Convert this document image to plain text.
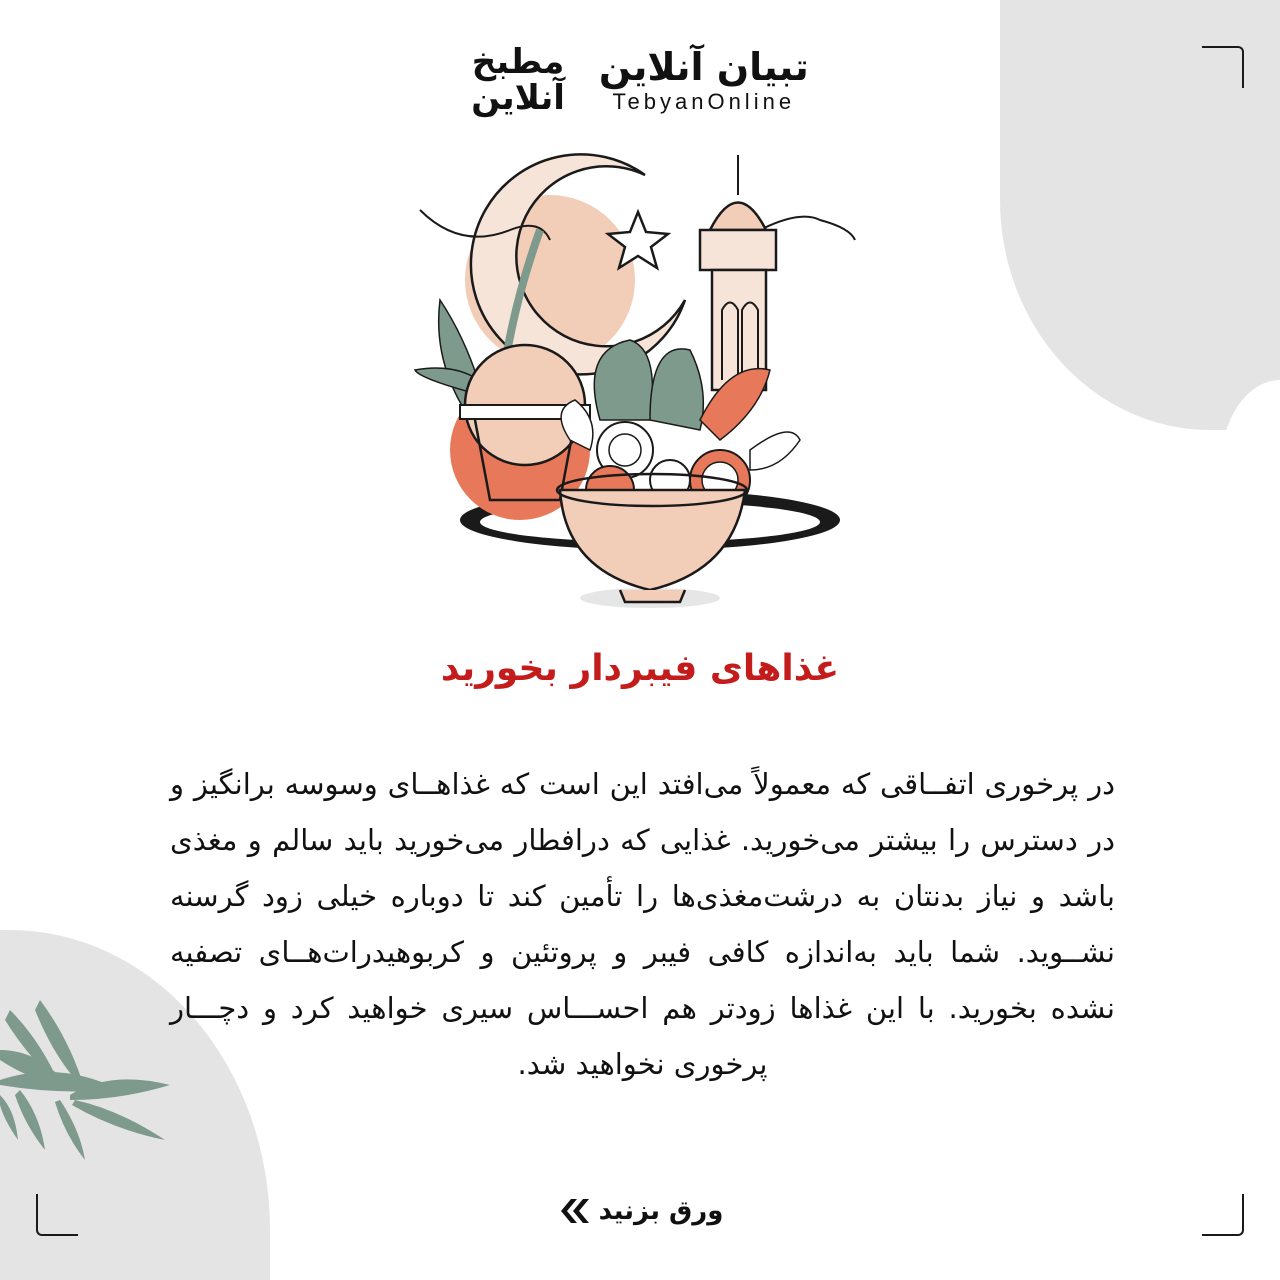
مطبخ
آنلاین
تبیان آنلاین
TebyanOnline
غذاهای فیبردار بخورید

در پرخوری اتفــاقی که معمولاً می‌افتد این است که غذاهــای وسوسه برانگیز و در دسترس را بیشتر می‌خورید. غذایی که درافطار می‌خورید باید سالم و مغذی باشد و نیاز بدنتان به درشت‌مغذی‌ها را تأمین کند تا دوباره خیلی زود گرسنه نشــوید. شما باید به‌اندازه کافی فیبر و پروتئین و کربوهیدرات‌هــای تصفیه نشده بخورید. با این غذاها زودتر هم احســـاس سیری خواهید کرد و دچـــار پرخوری نخواهید شد.

ورق بزنید
